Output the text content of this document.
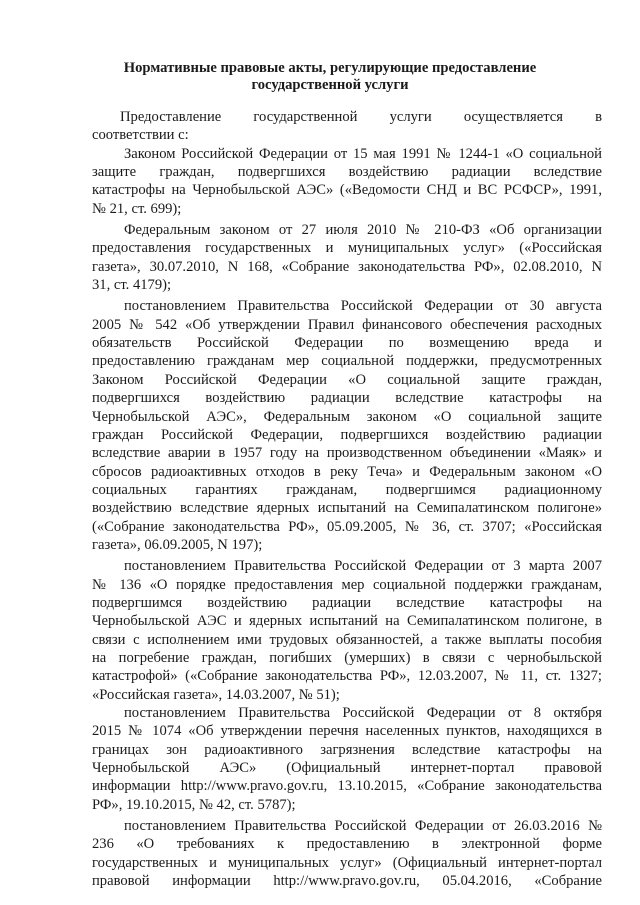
Нормативные правовые акты, регулирующие предоставление
государственной услуги

Предоставление государственной услуги осуществляется в
соответствии с:

Законом Российской Федерации от 15 мая 1991 № 1244-1 «О социальной
защите граждан, подвергшихся воздействию радиации вследствие
катастрофы на Чернобыльской АЭС» («Ведомости СНД и ВС РСФСР», 1991,
№ 21, ст. 699);

Федеральным законом от 27 июля 2010 № 210-ФЗ «Об организации
предоставления государственных и муниципальных услуг» («Российская
газета», 30.07.2010, N 168, «Собрание законодательства РФ», 02.08.2010, N
31, ст. 4179);

постановлением Правительства Российской Федерации от 30 августа
2005 № 542 «Об утверждении Правил финансового обеспечения расходных
обязательств Российской Федерации по возмещению вреда и
предоставлению гражданам мер социальной поддержки, предусмотренных
Законом Российской Федерации «О социальной защите граждан,
подвергшихся воздействию радиации вследствие катастрофы на
Чернобыльской АЭС», Федеральным законом «О социальной защите
граждан Российской Федерации, подвергшихся воздействию радиации
вследствие аварии в 1957 году на производственном объединении «Маяк» и
сбросов радиоактивных отходов в реку Теча» и Федеральным законом «О
социальных гарантиях гражданам, подвергшимся радиационному
воздействию вследствие ядерных испытаний на Семипалатинском полигоне»
(«Собрание законодательства РФ», 05.09.2005, № 36, ст. 3707; «Российская
газета», 06.09.2005, N 197);

постановлением Правительства Российской Федерации от 3 марта 2007
№ 136 «О порядке предоставления мер социальной поддержки гражданам,
подвергшимся воздействию радиации вследствие катастрофы на
Чернобыльской АЭС и ядерных испытаний на Семипалатинском полигоне, в
связи с исполнением ими трудовых обязанностей, а также выплаты пособия
на погребение граждан, погибших (умерших) в связи с чернобыльской
катастрофой» («Собрание законодательства РФ», 12.03.2007, № 11, ст. 1327;
«Российская газета», 14.03.2007, № 51);

постановлением Правительства Российской Федерации от 8 октября
2015 № 1074 «Об утверждении перечня населенных пунктов, находящихся в
границах зон радиоактивного загрязнения вследствие катастрофы на
Чернобыльской АЭС» (Официальный интернет-портал правовой
информации http://www.pravo.gov.ru, 13.10.2015, «Собрание законодательства
РФ», 19.10.2015, № 42, ст. 5787);

постановлением Правительства Российской Федерации от 26.03.2016 №
236 «О требованиях к предоставлению в электронной форме
государственных и муниципальных услуг» (Официальный интернет-портал
правовой информации http://www.pravo.gov.ru, 05.04.2016, «Собрание
